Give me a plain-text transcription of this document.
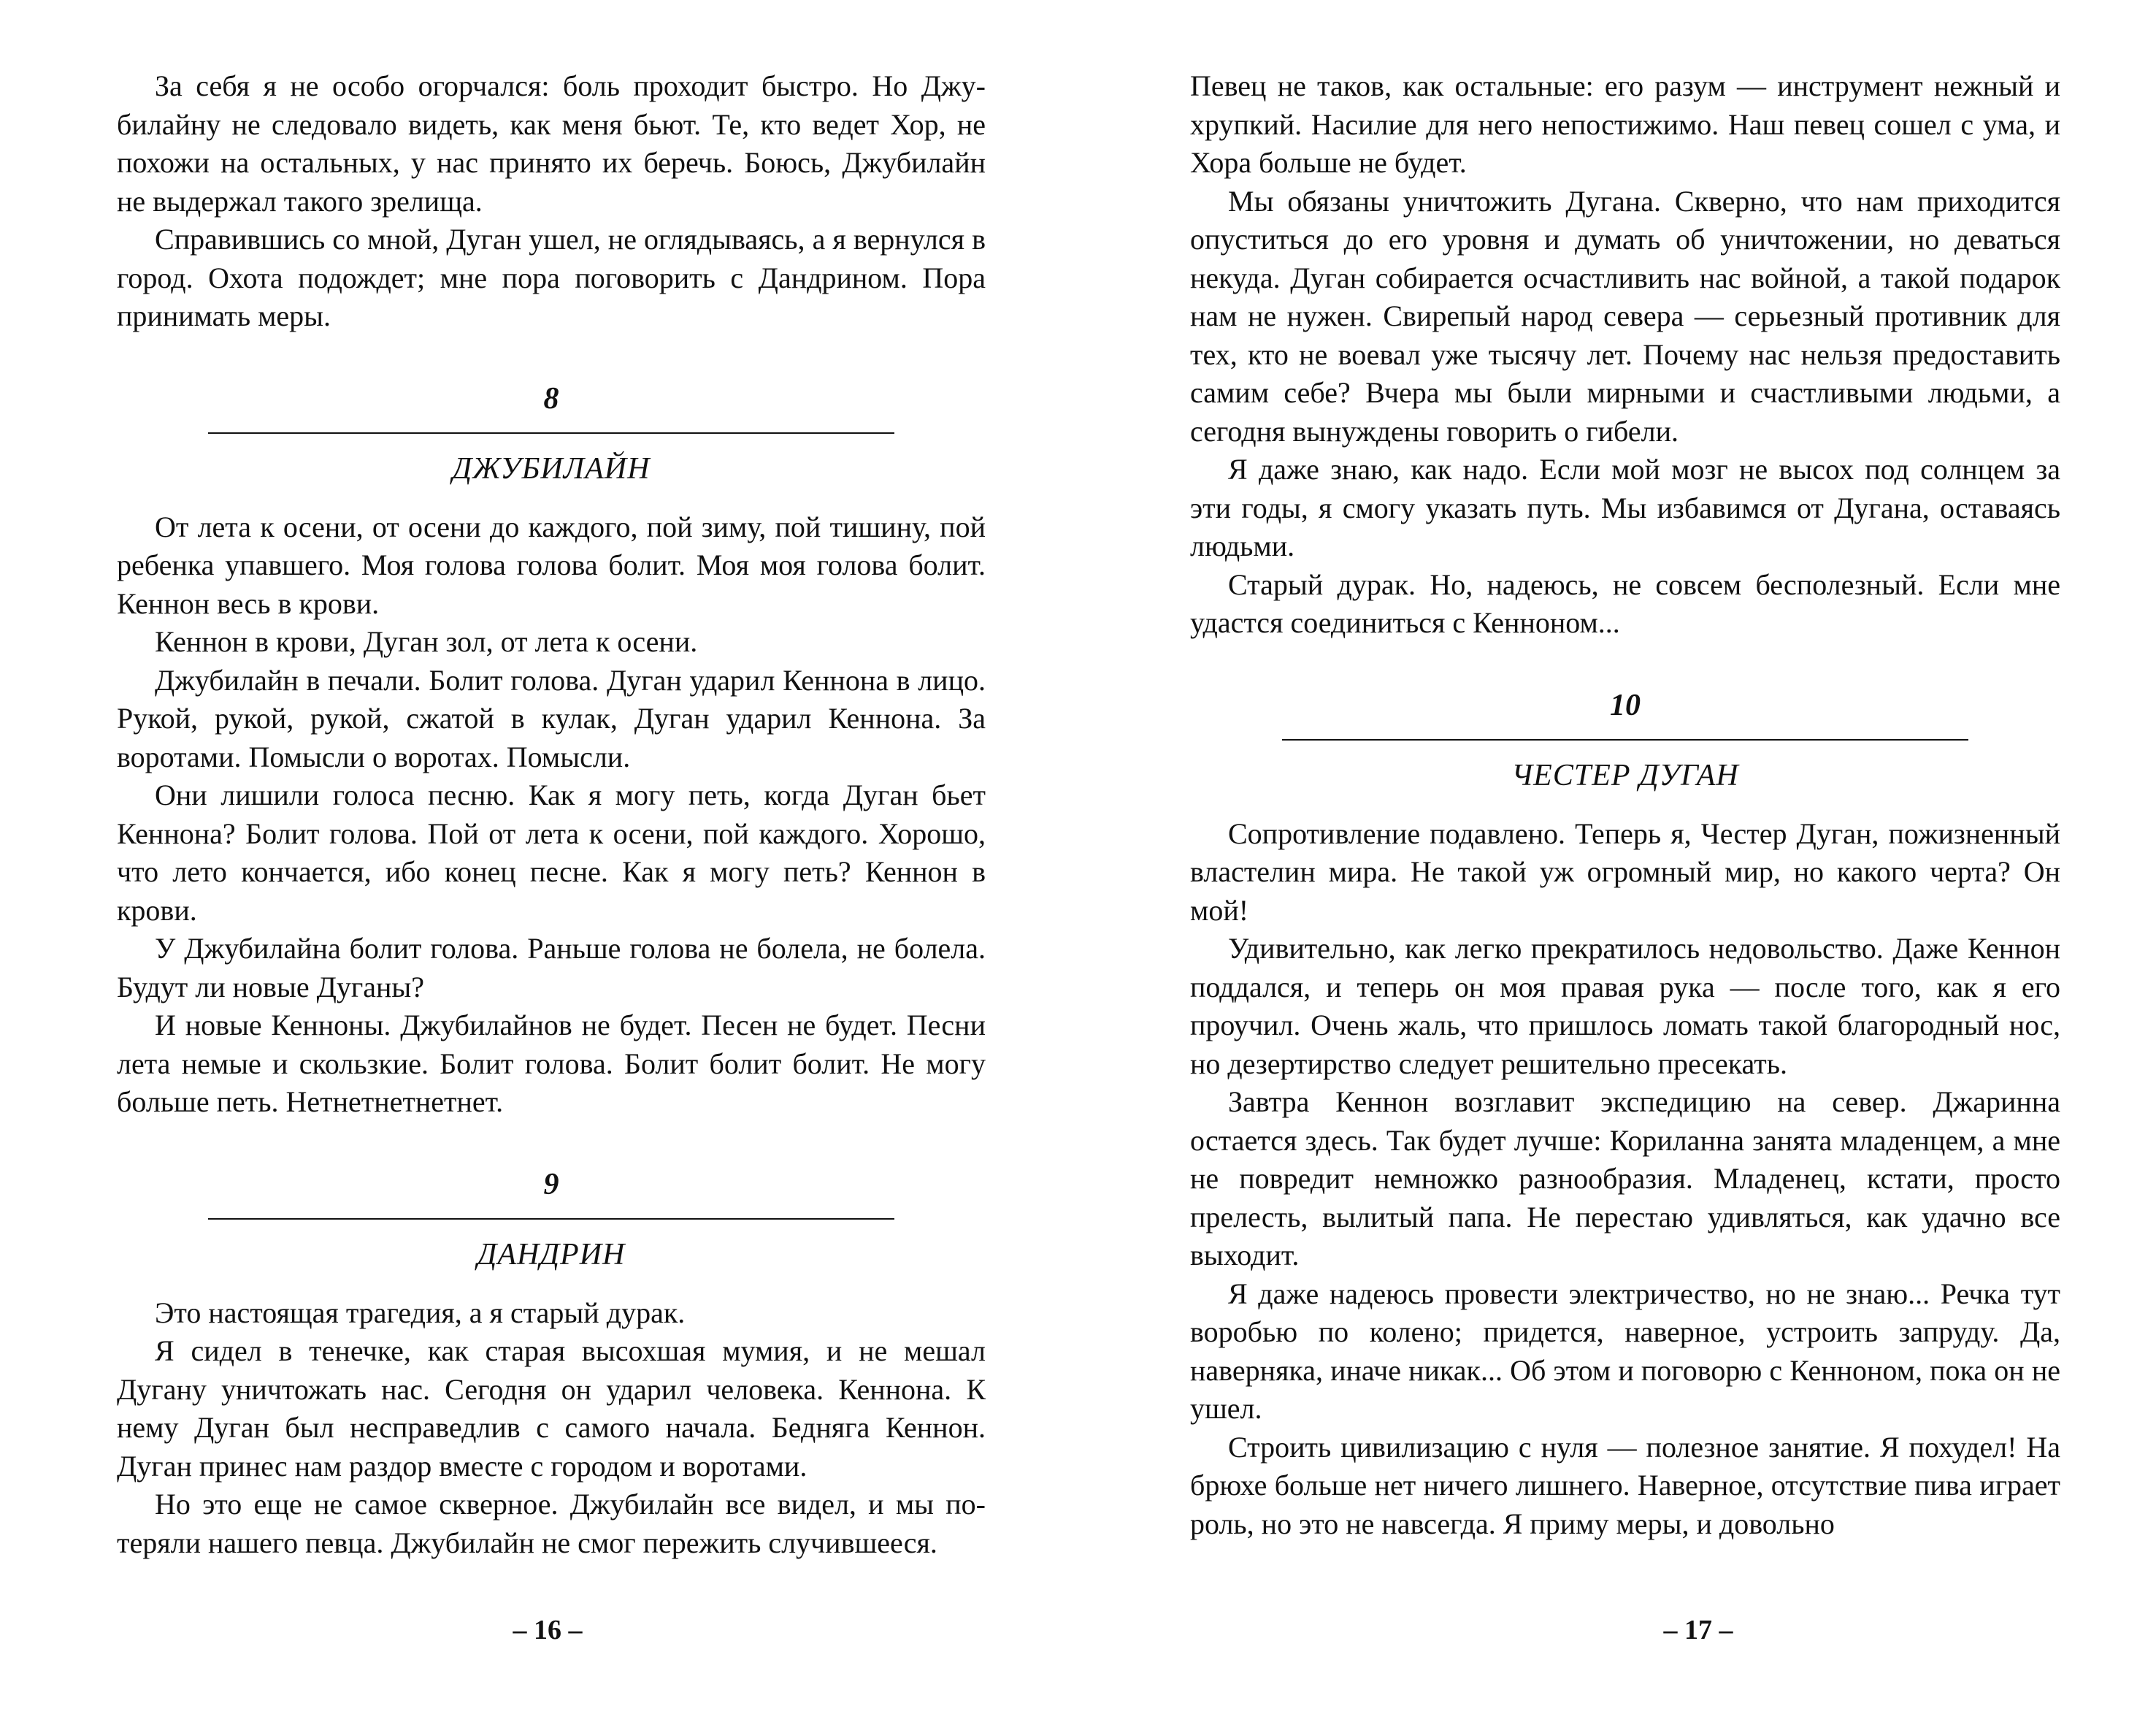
За себя я не особо огорчался: боль проходит быстро. Но Джубилайну не следовало видеть, как меня бьют. Те, кто ведет Хор, не похожи на остальных, у нас принято их беречь. Боюсь, Джубилайн не выдержал такого зрелища.

Справившись со мной, Дуган ушел, не оглядываясь, а я вернулся в город. Охота подождет; мне пора поговорить с Дандрином. Пора принимать меры.

8
ДЖУБИЛАЙН

От лета к осени, от осени до каждого, пой зиму, пой тишину, пой ребенка упавшего. Моя голова голова болит. Моя моя голова болит. Кеннон весь в крови.

Кеннон в крови, Дуган зол, от лета к осени.

Джубилайн в печали. Болит голова. Дуган ударил Кеннона в лицо. Рукой, рукой, рукой, сжатой в кулак, Дуган ударил Кеннона. За воротами. Помысли о воротах. Помысли.

Они лишили голоса песню. Как я могу петь, когда Дуган бьет Кеннона? Болит голова. Пой от лета к осени, пой каждого. Хорошо, что лето кончается, ибо конец песне. Как я могу петь? Кеннон в крови.

У Джубилайна болит голова. Раньше голова не болела, не болела. Будут ли новые Дуганы?

И новые Кенноны. Джубилайнов не будет. Песен не будет. Песни лета немые и скользкие. Болит голова. Болит болит болит. Не могу больше петь. Нетнетнетнетнет.

9
ДАНДРИН

Это настоящая трагедия, а я старый дурак.

Я сидел в тенечке, как старая высохшая мумия, и не мешал Дугану уничтожать нас. Сегодня он ударил человека. Кеннона. К нему Дуган был несправедлив с самого начала. Бедняга Кеннон. Дуган принес нам раздор вместе с городом и воротами.

Но это еще не самое скверное. Джубилайн все видел, и мы потеряли нашего певца. Джубилайн не смог пережить случившееся.

– 16 –

Певец не таков, как остальные: его разум — инструмент нежный и хрупкий. Насилие для него непостижимо. Наш певец сошел с ума, и Хора больше не будет.

Мы обязаны уничтожить Дугана. Скверно, что нам приходится опуститься до его уровня и думать об уничтожении, но деваться некуда. Дуган собирается осчастливить нас войной, а такой подарок нам не нужен. Свирепый народ севера — серьезный противник для тех, кто не воевал уже тысячу лет. Почему нас нельзя предоставить самим себе? Вчера мы были мирными и счастливыми людьми, а сегодня вынуждены говорить о гибели.

Я даже знаю, как надо. Если мой мозг не высох под солнцем за эти годы, я смогу указать путь. Мы избавимся от Дугана, оставаясь людьми.

Старый дурак. Но, надеюсь, не совсем бесполезный. Если мне удастся соединиться с Кенноном...

10
ЧЕСТЕР ДУГАН

Сопротивление подавлено. Теперь я, Честер Дуган, пожизненный властелин мира. Не такой уж огромный мир, но какого черта? Он мой!

Удивительно, как легко прекратилось недовольство. Даже Кеннон поддался, и теперь он моя правая рука — после того, как я его проучил. Очень жаль, что пришлось ломать такой благородный нос, но дезертирство следует решительно пресекать.

Завтра Кеннон возглавит экспедицию на север. Джаринна остается здесь. Так будет лучше: Кориланна занята младенцем, а мне не повредит немножко разнообразия. Младенец, кстати, просто прелесть, вылитый папа. Не перестаю удивляться, как удачно все выходит.

Я даже надеюсь провести электричество, но не знаю... Речка тут воробью по колено; придется, наверное, устроить запруду. Да, наверняка, иначе никак... Об этом и поговорю с Кенноном, пока он не ушел.

Строить цивилизацию с нуля — полезное занятие. Я похудел! На брюхе больше нет ничего лишнего. Наверное, отсутствие пива играет роль, но это не навсегда. Я приму меры, и довольно

– 17 –
